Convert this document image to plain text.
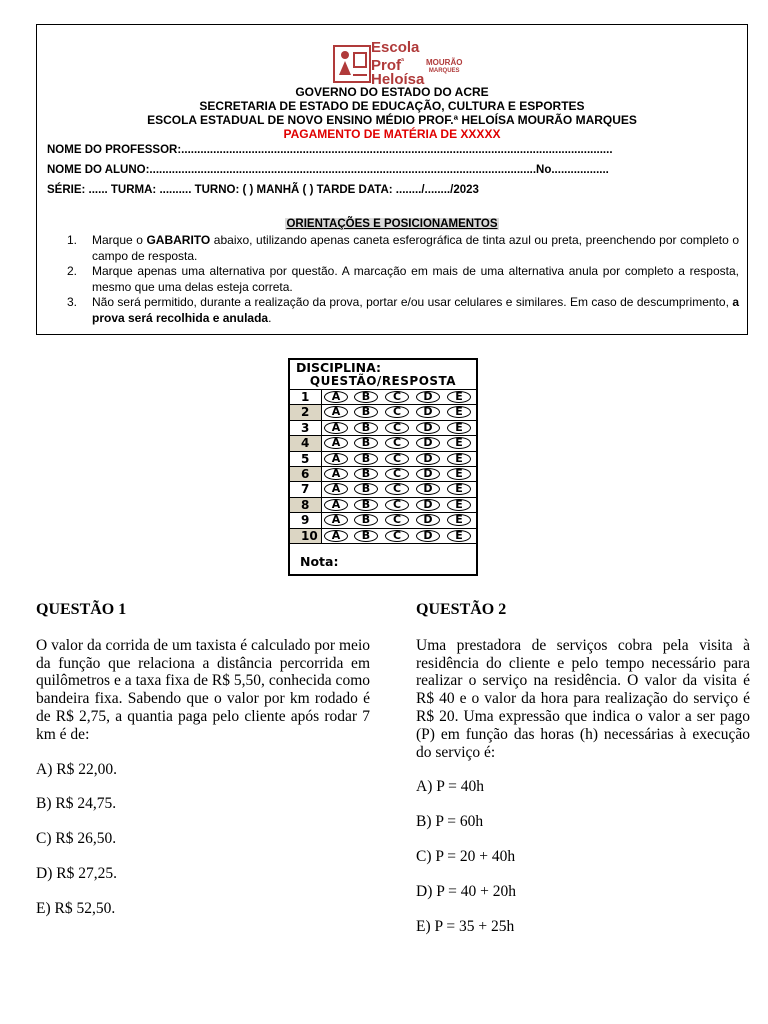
Escola
Prof$^ª$
Heloísa
MOURÃO
MARQUES
GOVERNO DO ESTADO DO ACRE
SECRETARIA DE ESTADO DE EDUCAÇÃO, CULTURA E ESPORTES
ESCOLA ESTADUAL DE NOVO ENSINO MÉDIO PROF.ª HELOÍSA MOURÃO MARQUES
PAGAMENTO DE MATÉRIA DE XXXXX
NOME DO PROFESSOR:.......................................................................................................................................
NOME DO ALUNO:.........................................................................................................................No..................
SÉRIE: ...... TURMA: .......... TURNO: ( ) MANHÃ ( ) TARDE DATA: ......../......../2023
ORIENTAÇÕES E POSICIONAMENTOS
1. Marque o GABARITO abaixo, utilizando apenas caneta esferográfica de tinta azul ou preta, preenchendo por completo o campo de resposta.
2. Marque apenas uma alternativa por questão. A marcação em mais de uma alternativa anula por completo a resposta, mesmo que uma delas esteja correta.
3. Não será permitido, durante a realização da prova, portar e/ou usar celulares e similares. Em caso de descumprimento, a prova será recolhida e anulada.
DISCIPLINA:
QUESTÃO/RESPOSTA
1	A	B	C	D	E
2	A	B	C	D	E
3	A	B	C	D	E
4	A	B	C	D	E
5	A	B	C	D	E
6	A	B	C	D	E
7	A	B	C	D	E
8	A	B	C	D	E
9	A	B	C	D	E
10	A	B	C	D	E
Nota:
QUESTÃO 1
O valor da corrida de um taxista é calculado por meio da função que relaciona a distância percorrida em quilômetros e a taxa fixa de R$ 5,50, conhecida como bandeira fixa. Sabendo que o valor por km rodado é de R$ 2,75, a quantia paga pelo cliente após rodar 7 km é de:
A) R$ 22,00.
B) R$ 24,75.
C) R$ 26,50.
D) R$ 27,25.
E) R$ 52,50.
QUESTÃO 2
Uma prestadora de serviços cobra pela visita à residência do cliente e pelo tempo necessário para realizar o serviço na residência. O valor da visita é R$ 40 e o valor da hora para realização do serviço é R$ 20. Uma expressão que indica o valor a ser pago (P) em função das horas (h) necessárias à execução do serviço é:
A) P = 40h
B) P = 60h
C) P = 20 + 40h
D) P = 40 + 20h
E) P = 35 + 25h
